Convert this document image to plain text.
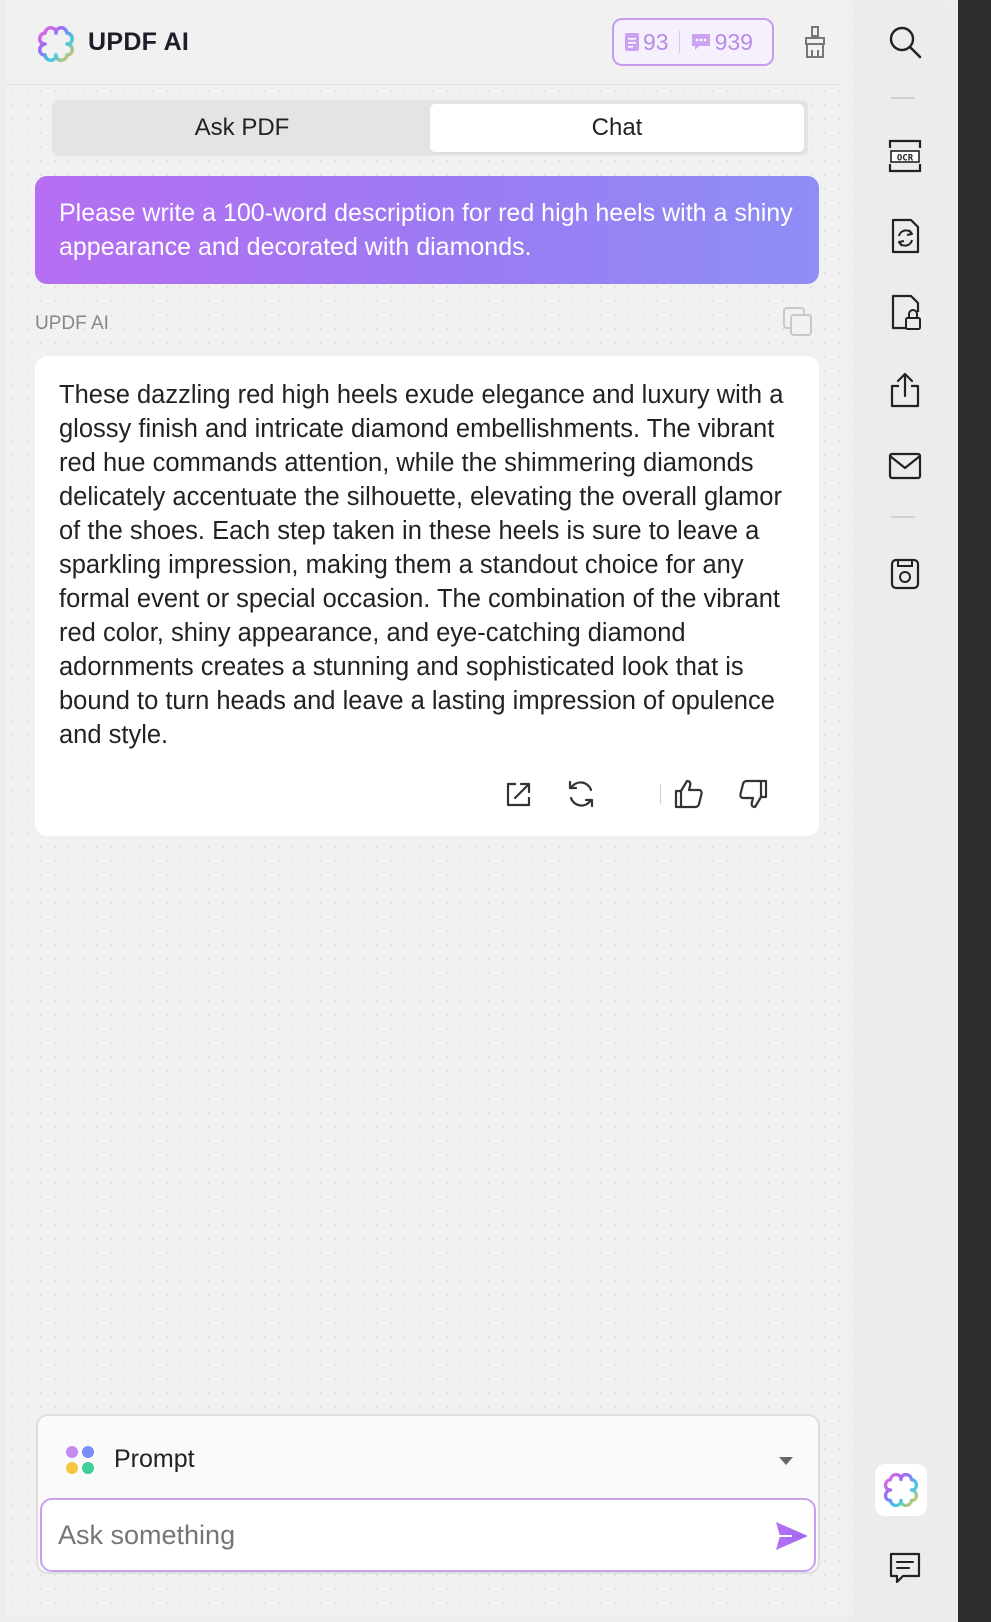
UPDF AI	93 939
Ask PDF	Chat
Please write a 100-word description for red high heels with a shiny appearance and decorated with diamonds.
UPDF AI
These dazzling red high heels exude elegance and luxury with a glossy finish and intricate diamond embellishments. The vibrant red hue commands attention, while the shimmering diamonds delicately accentuate the silhouette, elevating the overall glamor of the shoes. Each step taken in these heels is sure to leave a sparkling impression, making them a standout choice for any formal event or special occasion. The combination of the vibrant red color, shiny appearance, and eye-catching diamond adornments creates a stunning and sophisticated look that is bound to turn heads and leave a lasting impression of opulence and style.
Prompt
Ask something
OCR
